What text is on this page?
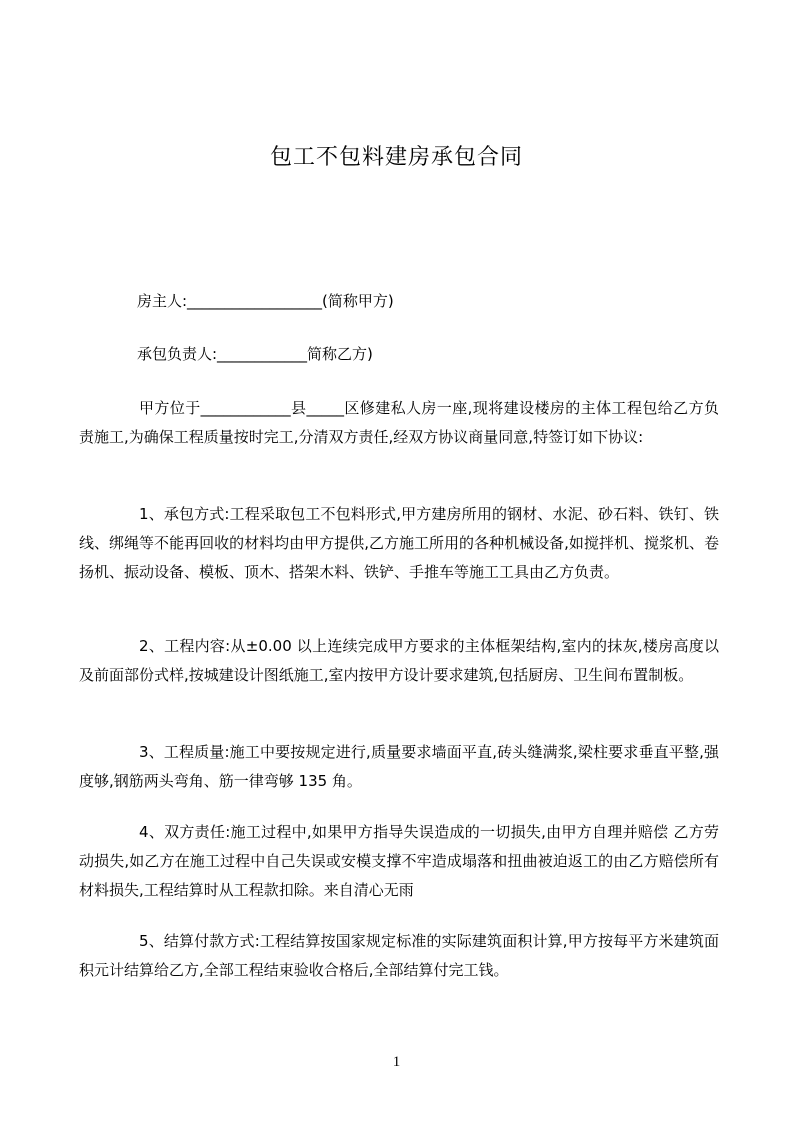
包工不包料建房承包合同

房主人:__________________(简称甲方)

承包负责人:____________简称乙方)

甲方位于____________县_____区修建私人房一座,现将建设楼房的主体工程包给乙方负责施工,为确保工程质量按时完工,分清双方责任,经双方协议商量同意,特签订如下协议:

1、承包方式:工程采取包工不包料形式,甲方建房所用的钢材、水泥、砂石料、铁钉、铁线、绑绳等不能再回收的材料均由甲方提供,乙方施工所用的各种机械设备,如搅拌机、搅浆机、卷扬机、振动设备、模板、顶木、搭架木料、铁铲、手推车等施工工具由乙方负责。

2、工程内容:从±0.00 以上连续完成甲方要求的主体框架结构,室内的抹灰,楼房高度以及前面部份式样,按城建设计图纸施工,室内按甲方设计要求建筑,包括厨房、卫生间布置制板。

3、工程质量:施工中要按规定进行,质量要求墙面平直,砖头缝满浆,梁柱要求垂直平整,强度够,钢筋两头弯角、筋一律弯够 135 角。

4、双方责任:施工过程中,如果甲方指导失误造成的一切损失,由甲方自理并赔偿 乙方劳动损失,如乙方在施工过程中自己失误或安模支撑不牢造成塌落和扭曲被迫返工的由乙方赔偿所有材料损失,工程结算时从工程款扣除。来自清心无雨

5、结算付款方式:工程结算按国家规定标准的实际建筑面积计算,甲方按每平方米建筑面积元计结算给乙方,全部工程结束验收合格后,全部结算付完工钱。

1
